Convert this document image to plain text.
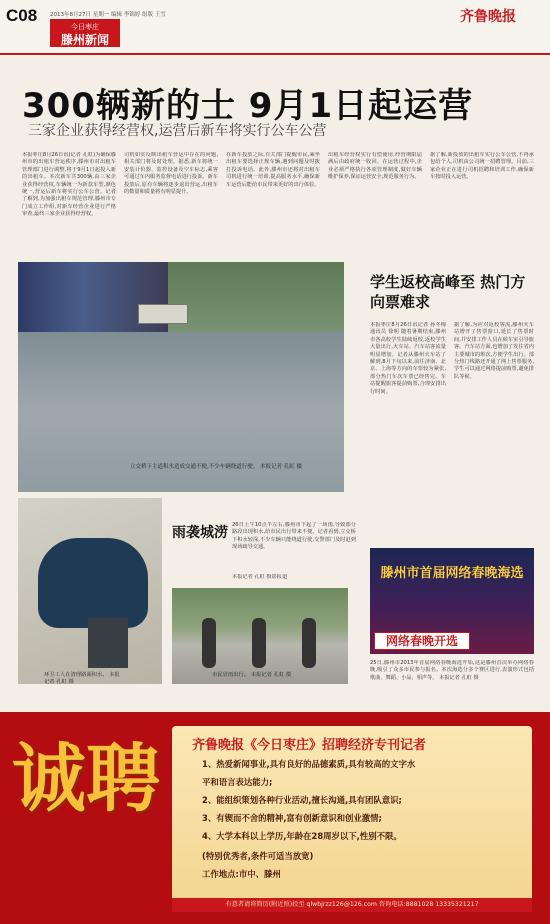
C08 2013年8月27日 星期一 编辑 李锦婷 组版 王雪
今日枣庄
滕州新闻
齐鲁晚报
300辆新的士 9月1日起运营
三家企业获得经营权,运营后新车将实行公车公营
本报枣庄8月26日讯(记者 孔虹)为确保滕州市的出租车营运秩序,滕州市对出租车管理部门进行调整,将于9月1日起投入新的出租车。本次新车共300辆,由三家企业获得经营权,车辆统一为新款车型,颜色统一,营运后新车将实行公车公营。记者了解到,为加强出租车规范管理,滕州市专门成立工作组,对新车经营企业进行严格审查,最终三家企业获得经营权。
司机如实反映出租车营运中存在的问题,相关部门将及时处理。据悉,新车将统一安装计价器、监控设备及空车标志,乘客可通过车内服务监督电话进行投诉。新车投放后,原有车辆将逐步退出营运,出租车的数量和质量将有明显提升。
在新车投放之际,有关部门提醒市民,乘坐出租车要选择正规车辆,遇到问题及时拨打投诉电话。此外,滕州市还将对出租车司机进行统一培训,提高服务水平,确保新车运营后能给市民带来更好的出行体验。
出租车经营权实行有偿使用,经营期限届满后由政府统一收回。在运营过程中,企业必须严格执行各项管理制度,做好车辆维护保养,保证运营安全,规范服务行为。
据了解,新投放的出租车实行公车公营,不再承包给个人,司机由公司统一招聘管理。目前,三家企业正在进行司机招聘和培训工作,确保新车按时投入运营。
立交桥下主道积水造成交通不便,不少车辆绕道行驶。 本报记者 孔虹 摄
学生返校高峰至 热门方向票难求
本报枣庄8月26日讯记者 孙冬梅 通讯员 徐明 随着暑期结束,滕州市各高校学生陆续返校,返校学生大量出行,火车站、汽车站客流量明显增加。记者从滕州火车站了解到,8月下旬以来,前往济南、北京、上海等方向的车票较为紧张,部分热门车次车票已经售完。车站提醒旅客提前购票,合理安排出行时间。
据了解,为应对返校客流,滕州火车站增开了售票窗口,延长了售票时间,并安排工作人员在候车室引导旅客。汽车站方面,也增加了发往省内主要城市的班次,方便学生出行。部分热门线路还开通了网上售票服务,学生可以通过网络提前购票,避免排队等候。
环卫工人在清理路面积水。 本报记者 孔虹 摄
雨袭城涝 26日上午10点半左右,滕州市下起了一场雨,导致部分路段出现积水,给市民出行带来不便。记者看到,立交桥下积水较深,不少车辆只能绕道行驶,交警部门及时赶到现场疏导交通。
本报记者 孔虹 摄影报道
市民冒雨出行。 本报记者 孔虹 摄
滕州市首届网络春晚海选
网络春晚开选
25日,滕州市2013年首届网络春晚海选开始,这是滕州首次举办网络春晚,吸引了众多市民参与报名。本次海选分多个赛区进行,表演形式包括歌曲、舞蹈、小品、相声等。 本报记者 孔虹 摄
诚聘 齐鲁晚报《今日枣庄》招聘经济专刊记者
1、热爱新闻事业,具有良好的品德素质,具有较高的文字水
平和语言表达能力;
2、能组织策划各种行业活动,擅长沟通,具有团队意识;
3、有锲而不舍的精神,富有创新意识和创业激情;
4、大学本科以上学历,年龄在28周岁以下,性别不限。
(特别优秀者,条件可适当放宽)
工作地点:市中、滕州
有意者请将简历(附近照)投至 qlwbjrzz126@126.com 咨询电话:8881028 13335321217
